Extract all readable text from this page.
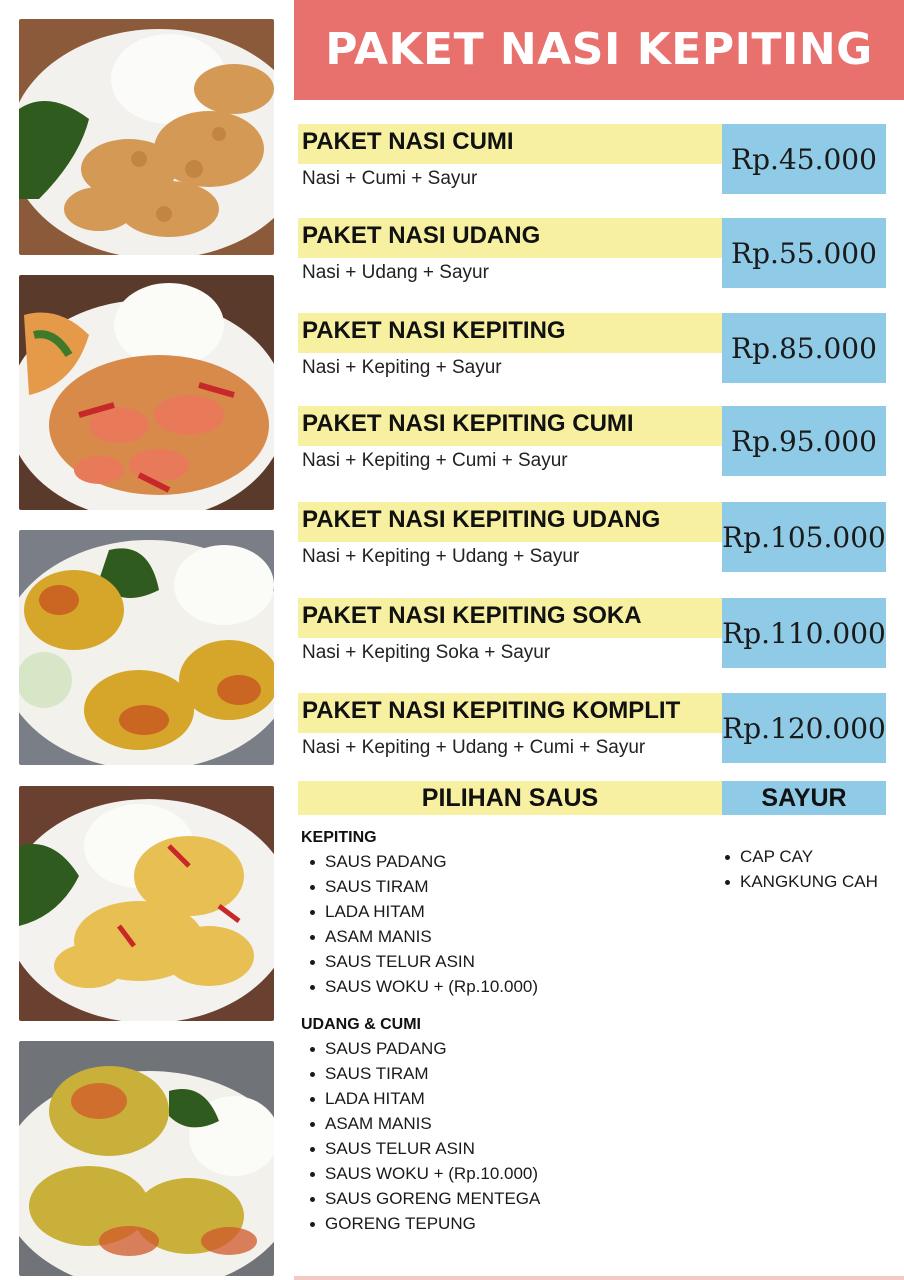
PAKET NASI KEPITING
PAKET NASI CUMI
Nasi + Cumi + Sayur
Rp.45.000
PAKET NASI UDANG
Nasi + Udang + Sayur
Rp.55.000
PAKET NASI KEPITING
Nasi + Kepiting + Sayur
Rp.85.000
PAKET NASI KEPITING CUMI
Nasi + Kepiting + Cumi + Sayur
Rp.95.000
PAKET NASI KEPITING UDANG
Nasi + Kepiting + Udang + Sayur
Rp.105.000
PAKET NASI KEPITING SOKA
Nasi + Kepiting Soka + Sayur
Rp.110.000
PAKET NASI KEPITING KOMPLIT
Nasi + Kepiting + Udang + Cumi + Sayur
Rp.120.000
PILIHAN SAUS	SAYUR
KEPITING
SAUS PADANG
SAUS TIRAM
LADA HITAM
ASAM MANIS
SAUS TELUR ASIN
SAUS WOKU + (Rp.10.000)
UDANG & CUMI
SAUS PADANG
SAUS TIRAM
LADA HITAM
ASAM MANIS
SAUS TELUR ASIN
SAUS WOKU + (Rp.10.000)
SAUS GORENG MENTEGA
GORENG TEPUNG
CAP CAY
KANGKUNG CAH
